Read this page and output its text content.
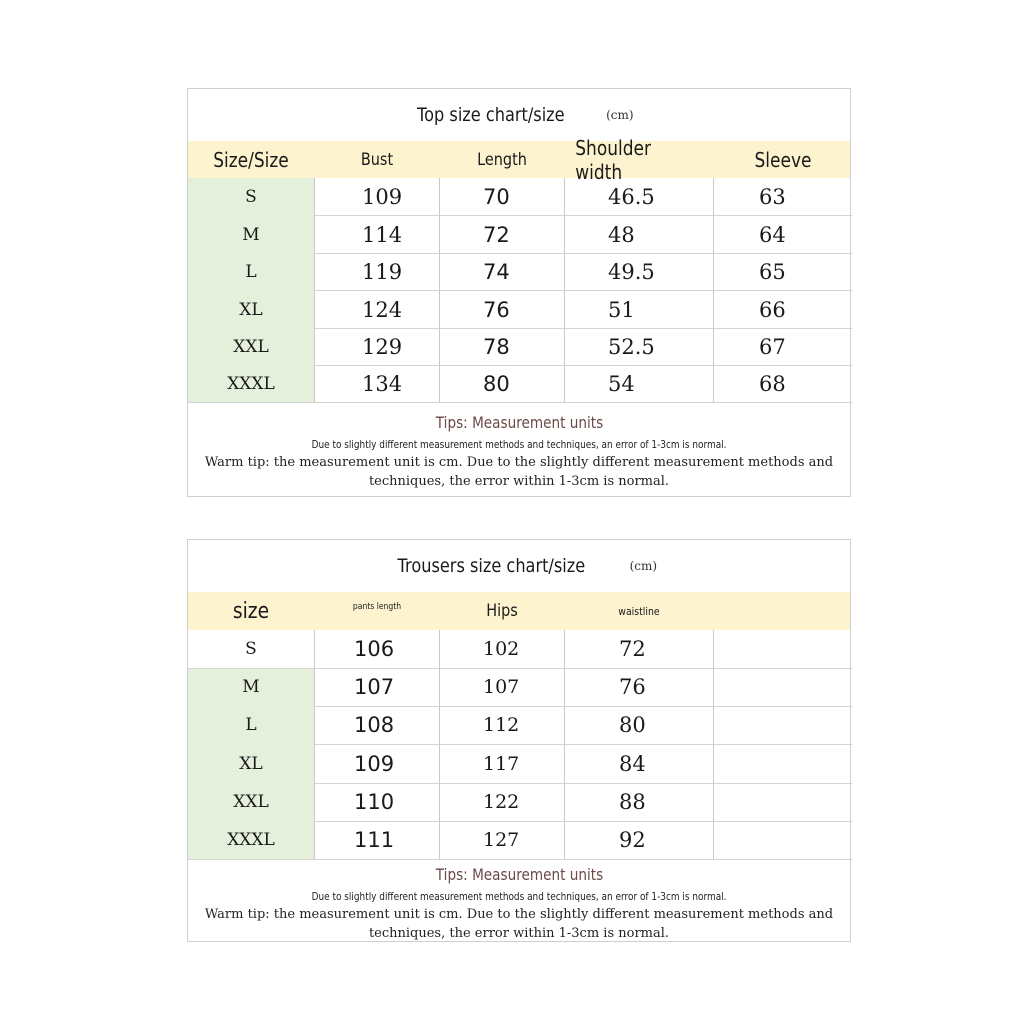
Top size chart/size	(cm)
Size/Size	Bust	Length	Shoulder width	Sleeve
S	109	70	46.5	63
M	114	72	48	64
L	119	74	49.5	65
XL	124	76	51	66
XXL	129	78	52.5	67
XXXL	134	80	54	68
Tips: Measurement units
Due to slightly different measurement methods and techniques, an error of 1-3cm is normal.
Warm tip: the measurement unit is cm. Due to the slightly different measurement methods and techniques, the error within 1-3cm is normal.
Trousers size chart/size	(cm)
size	pants length	Hips	waistline
S	106	102	72
M	107	107	76
L	108	112	80
XL	109	117	84
XXL	110	122	88
XXXL	111	127	92
Tips: Measurement units
Due to slightly different measurement methods and techniques, an error of 1-3cm is normal.
Warm tip: the measurement unit is cm. Due to the slightly different measurement methods and techniques, the error within 1-3cm is normal.
